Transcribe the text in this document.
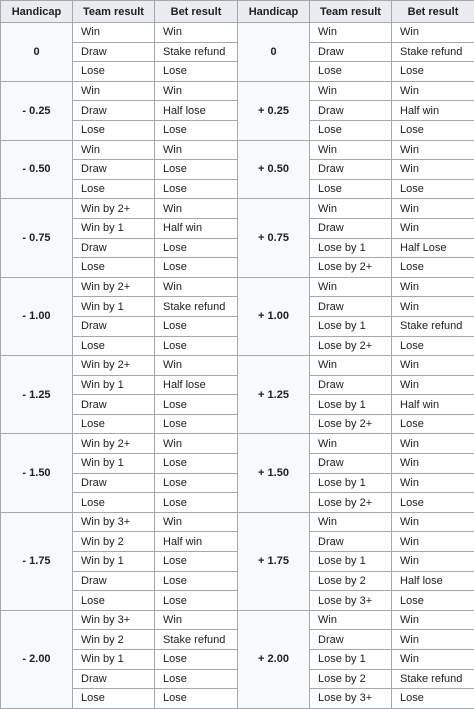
Handicap	Team result	Bet result	Handicap	Team result	Bet result
0	Win	Win	0	Win	Win
	Draw	Stake refund		Draw	Stake refund
	Lose	Lose		Lose	Lose
- 0.25	Win	Win	+ 0.25	Win	Win
	Draw	Half lose		Draw	Half win
	Lose	Lose		Lose	Lose
- 0.50	Win	Win	+ 0.50	Win	Win
	Draw	Lose		Draw	Win
	Lose	Lose		Lose	Lose
- 0.75	Win by 2+	Win	+ 0.75	Win	Win
	Win by 1	Half win		Draw	Win
	Draw	Lose		Lose by 1	Half Lose
	Lose	Lose		Lose by 2+	Lose
- 1.00	Win by 2+	Win	+ 1.00	Win	Win
	Win by 1	Stake refund		Draw	Win
	Draw	Lose		Lose by 1	Stake refund
	Lose	Lose		Lose by 2+	Lose
- 1.25	Win by 2+	Win	+ 1.25	Win	Win
	Win by 1	Half lose		Draw	Win
	Draw	Lose		Lose by 1	Half win
	Lose	Lose		Lose by 2+	Lose
- 1.50	Win by 2+	Win	+ 1.50	Win	Win
	Win by 1	Lose		Draw	Win
	Draw	Lose		Lose by 1	Win
	Lose	Lose		Lose by 2+	Lose
- 1.75	Win by 3+	Win	+ 1.75	Win	Win
	Win by 2	Half win		Draw	Win
	Win by 1	Lose		Lose by 1	Win
	Draw	Lose		Lose by 2	Half lose
	Lose	Lose		Lose by 3+	Lose
- 2.00	Win by 3+	Win	+ 2.00	Win	Win
	Win by 2	Stake refund		Draw	Win
	Win by 1	Lose		Lose by 1	Win
	Draw	Lose		Lose by 2	Stake refund
	Lose	Lose		Lose by 3+	Lose
